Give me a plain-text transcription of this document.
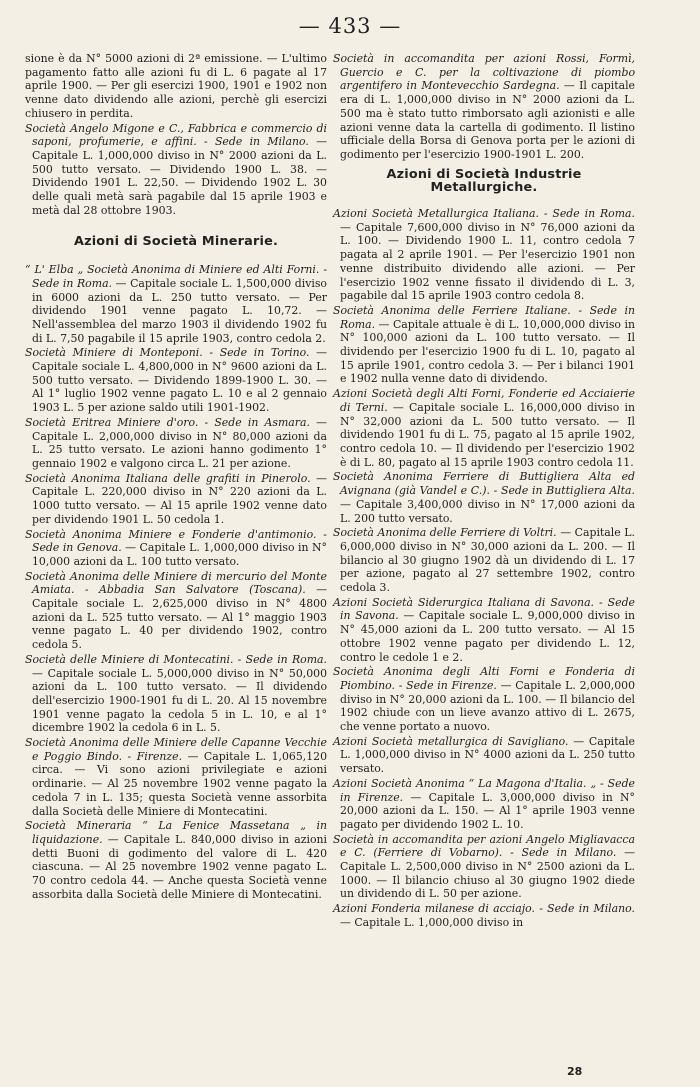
— 433 —

sione è da N° 5000 azioni di 2ª emissione. — L'ultimo pagamento fatto alle azioni fu di L. 6 pagate al 17 aprile 1900. — Per gli esercizi 1900, 1901 e 1902 non venne dato dividendo alle azioni, perchè gli esercizi chiusero in perdita.

Società Angelo Migone e C., Fabbrica e commercio di saponi, profumerie, e affini. - Sede in Milano. — Capitale L. 1,000,000 diviso in N° 2000 azioni da L. 500 tutto versato. — Dividendo 1900 L. 38. — Dividendo 1901 L. 22,50. — Dividendo 1902 L. 30 delle quali metà sarà pagabile dal 15 aprile 1903 e metà dal 28 ottobre 1903.

Azioni di Società Minerarie.

“ L' Elba „ Società Anonima di Miniere ed Alti Forni. - Sede in Roma. — Capitale sociale L. 1,500,000 diviso in 6000 azioni da L. 250 tutto versato. — Per dividendo 1901 venne pagato L. 10,72. — Nell'assemblea del marzo 1903 il dividendo 1902 fu di L. 7,50 pagabile il 15 aprile 1903, contro cedola 2.

Società Miniere di Monteponi. - Sede in Torino. — Capitale sociale L. 4,800,000 in N° 9600 azioni da L. 500 tutto versato. — Dividendo 1899-1900 L. 30. — Al 1° luglio 1902 venne pagato L. 10 e al 2 gennaio 1903 L. 5 per azione saldo utili 1901-1902.

Società Eritrea Miniere d'oro. - Sede in Asmara. — Capitale L. 2,000,000 diviso in N° 80,000 azioni da L. 25 tutto versato. Le azioni hanno godimento 1° gennaio 1902 e valgono circa L. 21 per azione.

Società Anonima Italiana delle grafiti in Pinerolo. — Capitale L. 220,000 diviso in N° 220 azioni da L. 1000 tutto versato. — Al 15 aprile 1902 venne dato per dividendo 1901 L. 50 cedola 1.

Società Anonima Miniere e Fonderie d'antimonio. - Sede in Genova. — Capitale L. 1,000,000 diviso in N° 10,000 azioni da L. 100 tutto versato.

Società Anonima delle Miniere di mercurio del Monte Amiata. - Abbadia San Salvatore (Toscana). — Capitale sociale L. 2,625,000 diviso in N° 4800 azioni da L. 525 tutto versato. — Al 1° maggio 1903 venne pagato L. 40 per dividendo 1902, contro cedola 5.

Società delle Miniere di Montecatini. - Sede in Roma. — Capitale sociale L. 5,000,000 diviso in N° 50,000 azioni da L. 100 tutto versato. — Il dividendo dell'esercizio 1900-1901 fu di L. 20. Al 15 novembre 1901 venne pagato la cedola 5 in L. 10, e al 1° dicembre 1902 la cedola 6 in L. 5.

Società Anonima delle Miniere delle Capanne Vecchie e Poggio Bindo. - Firenze. — Capitale L. 1,065,120 circa. — Vi sono azioni privilegiate e azioni ordinarie. — Al 25 novembre 1902 venne pagato la cedola 7 in L. 135; questa Società venne assorbita dalla Società delle Miniere di Montecatini.

Società Mineraria “ La Fenice Massetana „ in liquidazione. — Capitale L. 840,000 diviso in azioni detti Buoni di godimento del valore di L. 420 ciascuna. — Al 25 novembre 1902 venne pagato L. 70 contro cedola 44. — Anche questa Società venne assorbita dalla Società delle Miniere di Montecatini.

Società in accomandita per azioni Rossi, Formì, Guercio e C. per la coltivazione di piombo argentifero in Montevecchio Sardegna. — Il capitale era di L. 1,000,000 diviso in N° 2000 azioni da L. 500 ma è stato tutto rimborsato agli azionisti e alle azioni venne data la cartella di godimento. Il listino ufficiale della Borsa di Genova porta per le azioni di godimento per l'esercizio 1900-1901 L. 200.

Azioni di Società Industrie Metallurgiche.

Azioni Società Metallurgica Italiana. - Sede in Roma. — Capitale 7,600,000 diviso in N° 76,000 azioni da L. 100. — Dividendo 1900 L. 11, contro cedola 7 pagata al 2 aprile 1901. — Per l'esercizio 1901 non venne distribuito dividendo alle azioni. — Per l'esercizio 1902 venne fissato il dividendo di L. 3, pagabile dal 15 aprile 1903 contro cedola 8.

Società Anonima delle Ferriere Italiane. - Sede in Roma. — Capitale attuale è di L. 10,000,000 diviso in N° 100,000 azioni da L. 100 tutto versato. — Il dividendo per l'esercizio 1900 fu di L. 10, pagato al 15 aprile 1901, contro cedola 3. — Per i bilanci 1901 e 1902 nulla venne dato di dividendo.

Azioni Società degli Alti Forni, Fonderie ed Acciaierie di Terni. — Capitale sociale L. 16,000,000 diviso in N° 32,000 azioni da L. 500 tutto versato. — Il dividendo 1901 fu di L. 75, pagato al 15 aprile 1902, contro cedola 10. — Il dividendo per l'esercizio 1902 è di L. 80, pagato al 15 aprile 1903 contro cedola 11.

Società Anonima Ferriere di Buttigliera Alta ed Avignana (già Vandel e C.). - Sede in Buttigliera Alta. — Capitale 3,400,000 diviso in N° 17,000 azioni da L. 200 tutto versato.

Società Anonima delle Ferriere di Voltri. — Capitale L. 6,000,000 diviso in N° 30,000 azioni da L. 200. — Il bilancio al 30 giugno 1902 dà un dividendo di L. 17 per azione, pagato al 27 settembre 1902, contro cedola 3.

Azioni Società Siderurgica Italiana di Savona. - Sede in Savona. — Capitale sociale L. 9,000,000 diviso in N° 45,000 azioni da L. 200 tutto versato. — Al 15 ottobre 1902 venne pagato per dividendo L. 12, contro le cedole 1 e 2.

Società Anonima degli Alti Forni e Fonderia di Piombino. - Sede in Firenze. — Capitale L. 2,000,000 diviso in N° 20,000 azioni da L. 100. — Il bilancio del 1902 chiude con un lieve avanzo attivo di L. 2675, che venne portato a nuovo.

Azioni Società metallurgica di Savigliano. — Capitale L. 1,000,000 diviso in N° 4000 azioni da L. 250 tutto versato.

Azioni Società Anonima “ La Magona d'Italia. „ - Sede in Firenze. — Capitale L. 3,000,000 diviso in N° 20,000 azioni da L. 150. — Al 1° aprile 1903 venne pagato per dividendo 1902 L. 10.

Società in accomandita per azioni Angelo Migliavacca e C. (Ferriere di Vobarno). - Sede in Milano. — Capitale L. 2,500,000 diviso in N° 2500 azioni da L. 1000. — Il bilancio chiuso al 30 giugno 1902 diede un dividendo di L. 50 per azione.

Azioni Fonderia milanese di acciajo. - Sede in Milano. — Capitale L. 1,000,000 diviso in

28
